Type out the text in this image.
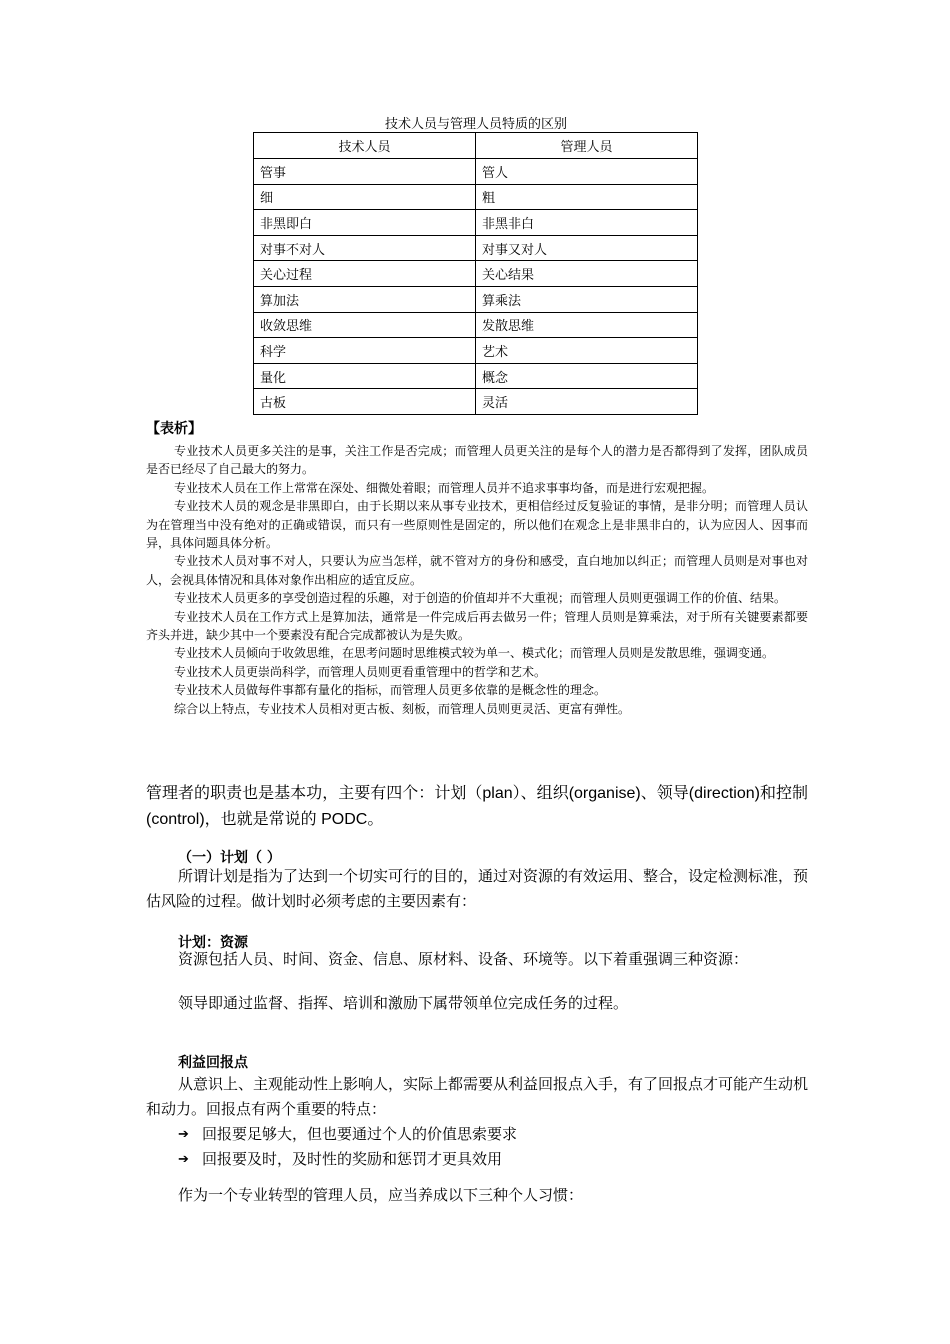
技术人员与管理人员特质的区别
技术人员	管理人员
管事	管人
细	粗
非黑即白	非黑非白
对事不对人	对事又对人
关心过程	关心结果
算加法	算乘法
收敛思维	发散思维
科学	艺术
量化	概念
古板	灵活
【表析】

专业技术人员更多关注的是事，关注工作是否完成；而管理人员更关注的是每个人的潜力是否都得到了发挥，团队成员是否已经尽了自己最大的努力。

专业技术人员在工作上常常在深处、细微处着眼；而管理人员并不追求事事均备，而是进行宏观把握。

专业技术人员的观念是非黑即白，由于长期以来从事专业技术，更相信经过反复验证的事情，是非分明；而管理人员认为在管理当中没有绝对的正确或错误，而只有一些原则性是固定的，所以他们在观念上是非黑非白的，认为应因人、因事而异，具体问题具体分析。

专业技术人员对事不对人，只要认为应当怎样，就不管对方的身份和感受，直白地加以纠正；而管理人员则是对事也对人，会视具体情况和具体对象作出相应的适宜反应。

专业技术人员更多的享受创造过程的乐趣，对于创造的价值却并不大重视；而管理人员则更强调工作的价值、结果。

专业技术人员在工作方式上是算加法，通常是一件完成后再去做另一件；管理人员则是算乘法，对于所有关键要素都要齐头并进，缺少其中一个要素没有配合完成都被认为是失败。

专业技术人员倾向于收敛思维，在思考问题时思维模式较为单一、模式化；而管理人员则是发散思维，强调变通。

专业技术人员更崇尚科学，而管理人员则更看重管理中的哲学和艺术。

专业技术人员做每件事都有量化的指标，而管理人员更多依靠的是概念性的理念。

综合以上特点，专业技术人员相对更古板、刻板，而管理人员则更灵活、更富有弹性。

管理者的职责也是基本功，主要有四个：计划（plan）、组织(organise)、领导(direction)和控制(control)，也就是常说的 PODC。

（一）计划（ ）

所谓计划是指为了达到一个切实可行的目的，通过对资源的有效运用、整合，设定检测标准，预估风险的过程。做计划时必须考虑的主要因素有：

计划：资源

资源包括人员、时间、资金、信息、原材料、设备、环境等。以下着重强调三种资源：

领导即通过监督、指挥、培训和激励下属带领单位完成任务的过程。

利益回报点

从意识上、主观能动性上影响人，实际上都需要从利益回报点入手，有了回报点才可能产生动机和动力。回报点有两个重要的特点：

➔ 回报要足够大，但也要通过个人的价值思索要求
➔ 回报要及时，及时性的奖励和惩罚才更具效用

作为一个专业转型的管理人员，应当养成以下三种个人习惯：
